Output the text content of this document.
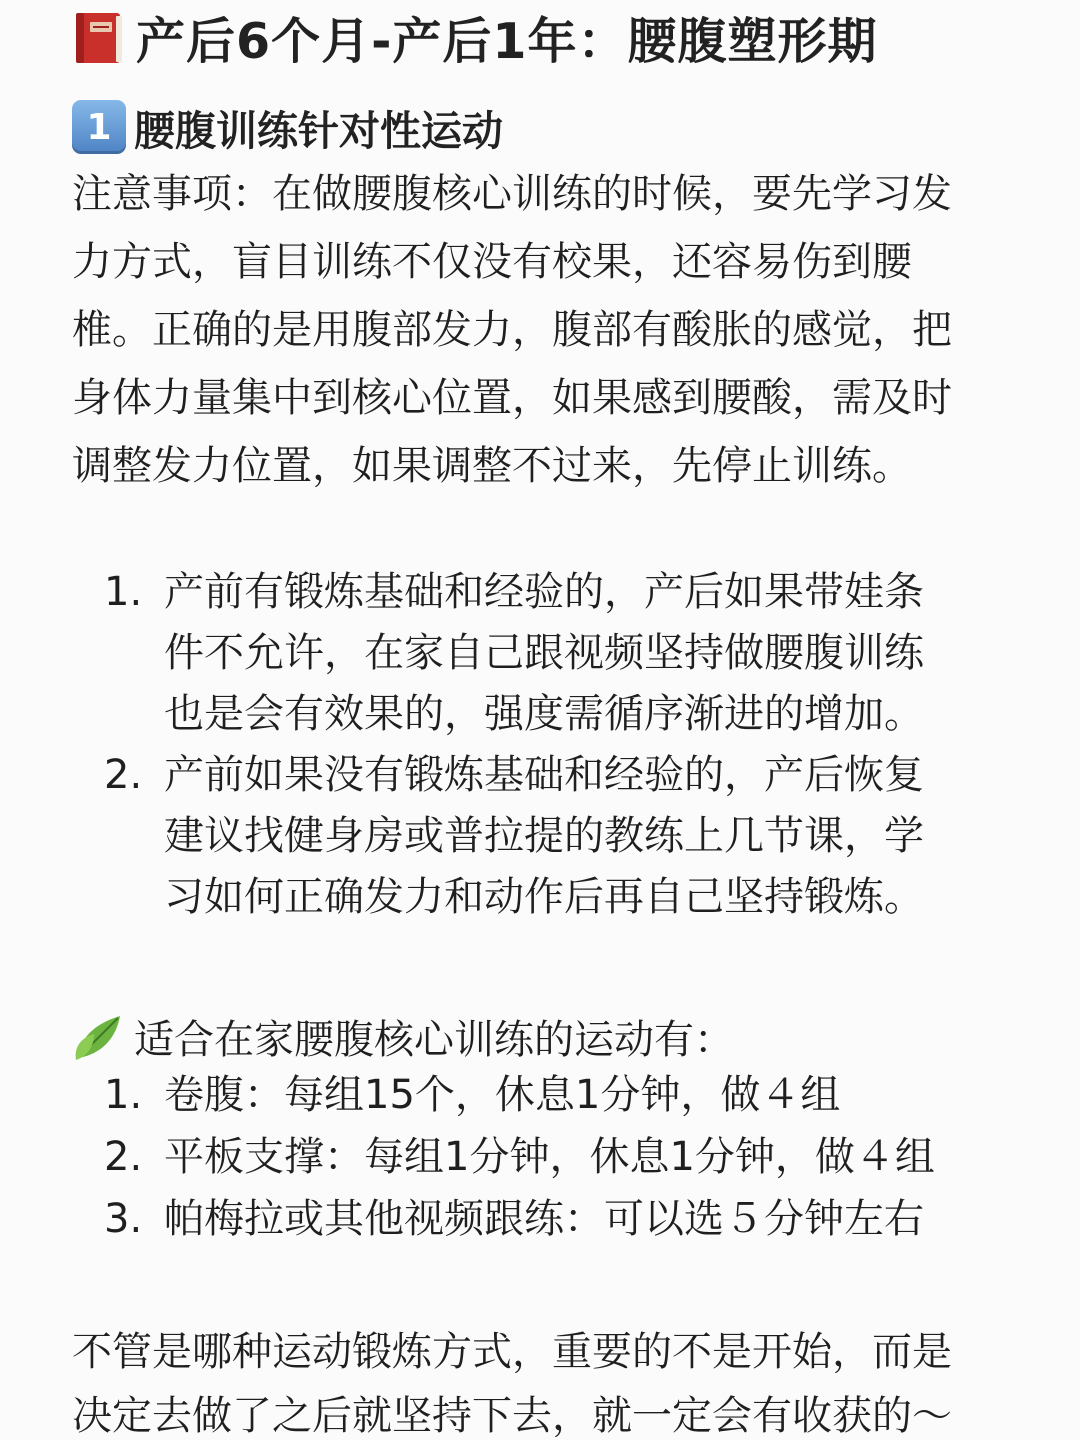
产后6个月-产后1年：腰腹塑形期
1 腰腹训练针对性运动

注意事项：在做腰腹核心训练的时候，要先学习发
力方式，盲目训练不仅没有校果，还容易伤到腰
椎。正确的是用腹部发力，腹部有酸胀的感觉，把
身体力量集中到核心位置，如果感到腰酸，需及时
调整发力位置，如果调整不过来，先停止训练。

1. 产前有锻炼基础和经验的，产后如果带娃条
件不允许，在家自己跟视频坚持做腰腹训练
也是会有效果的，强度需循序渐进的增加。
2. 产前如果没有锻炼基础和经验的，产后恢复
建议找健身房或普拉提的教练上几节课，学
习如何正确发力和动作后再自己坚持锻炼。
适合在家腰腹核心训练的运动有：
1. 卷腹：每组15个，休息1分钟，做４组
2. 平板支撑：每组1分钟，休息1分钟，做４组
3. 帕梅拉或其他视频跟练：可以选５分钟左右

不管是哪种运动锻炼方式，重要的不是开始，而是
决定去做了之后就坚持下去，就一定会有收获的～
